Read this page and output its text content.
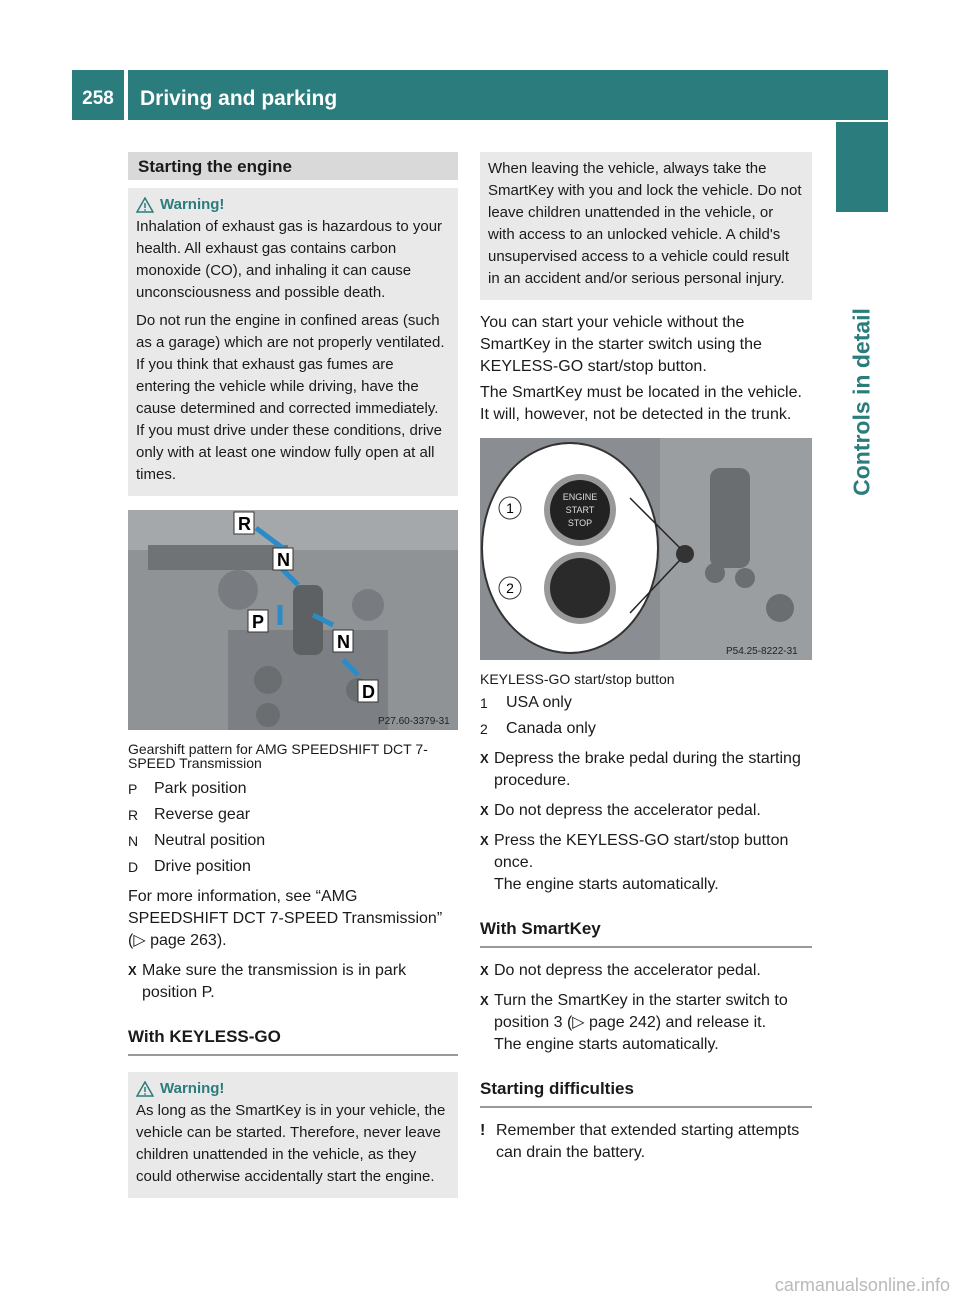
258	Driving and parking
Controls in detail
Starting the engine
Warning!

Inhalation of exhaust gas is hazardous to your health. All exhaust gas contains carbon monoxide (CO), and inhaling it can cause unconsciousness and possible death.

Do not run the engine in confined areas (such as a garage) which are not properly ventilated. If you think that exhaust gas fumes are entering the vehicle while driving, have the cause determined and corrected immediately. If you must drive under these conditions, drive only with at least one window fully open at all times.

R
N
P
N
D
P27.60-3379-31
Gearshift pattern for AMG SPEEDSHIFT DCT 7-SPEED Transmission
P	Park position
R Reverse gear
N Neutral position
D Drive position
For more information, see “AMG SPEEDSHIFT DCT 7-SPEED Transmission” (▷ page 263).
X Make sure the transmission is in park position P.
With KEYLESS-GO
Warning!

As long as the SmartKey is in your vehicle, the vehicle can be started. Therefore, never leave children unattended in the vehicle, as they could otherwise accidentally start the engine.

When leaving the vehicle, always take the SmartKey with you and lock the vehicle. Do not leave children unattended in the vehicle, or with access to an unlocked vehicle. A child's unsupervised access to a vehicle could result in an accident and/or serious personal injury.

You can start your vehicle without the SmartKey in the starter switch using the KEYLESS-GO start/stop button.
The SmartKey must be located in the vehicle. It will, however, not be detected in the trunk.
ENGINE
START
STOP
1
2
P54.25-8222-31
KEYLESS-GO start/stop button
1	USA only
2	Canada only
X Depress the brake pedal during the starting procedure.
X Do not depress the accelerator pedal.
X Press the KEYLESS-GO start/stop button once.
The engine starts automatically.
With SmartKey
X Do not depress the accelerator pedal.
X Turn the SmartKey in the starter switch to position 3 (▷ page 242) and release it.
The engine starts automatically.
Starting difficulties
! Remember that extended starting attempts can drain the battery.
carmanualsonline.info
